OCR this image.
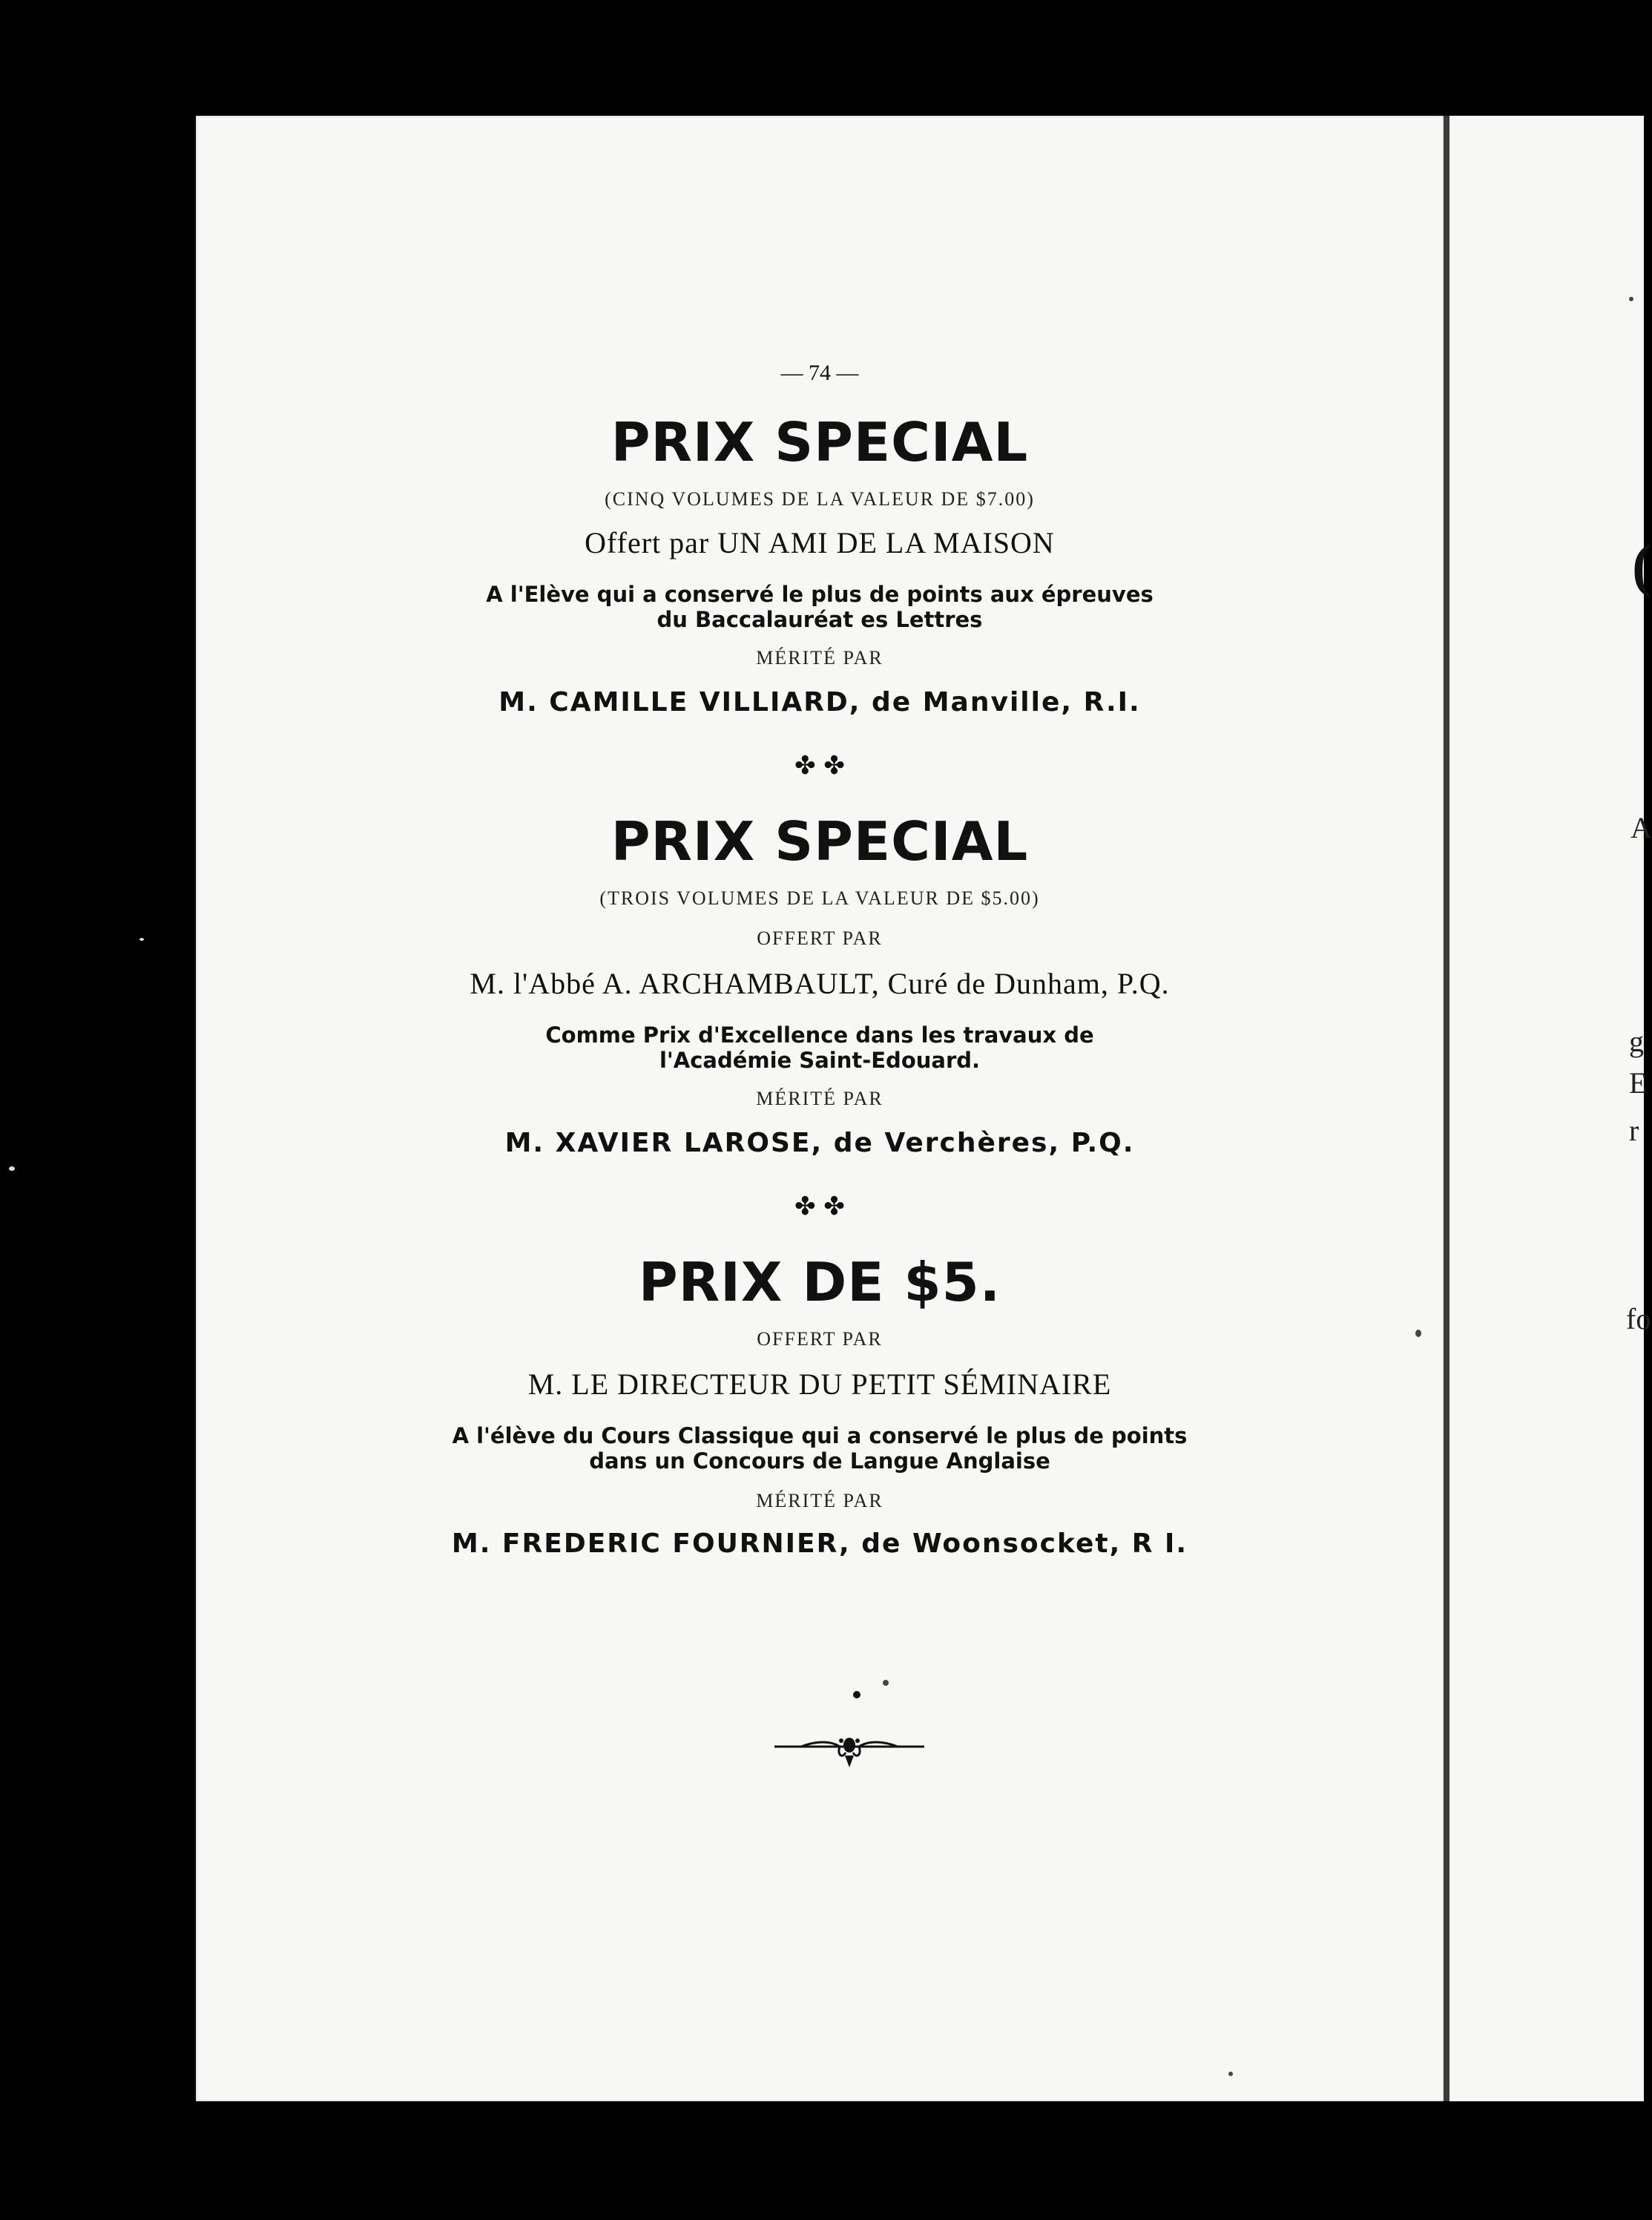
A
g
E
r
fo
(
— 74 —
PRIX SPECIAL
(CINQ VOLUMES DE LA VALEUR DE $7.00)
Offert par UN AMI DE LA MAISON
A l'Elève qui a conservé le plus de points aux épreuves
du Baccalauréat es Lettres
MÉRITÉ PAR
M. CAMILLE VILLIARD, de Manville, R.I.
✤ ✤
PRIX SPECIAL
(TROIS VOLUMES DE LA VALEUR DE $5.00)
OFFERT PAR
M. l'Abbé A. ARCHAMBAULT, Curé de Dunham, P.Q.
Comme Prix d'Excellence dans les travaux de
l'Académie Saint-Edouard.
MÉRITÉ PAR
M. XAVIER LAROSE, de Verchères, P.Q.
✤ ✤
PRIX DE $5.
OFFERT PAR
M. LE DIRECTEUR DU PETIT SÉMINAIRE
A l'élève du Cours Classique qui a conservé le plus de points
dans un Concours de Langue Anglaise
MÉRITÉ PAR
M. FREDERIC FOURNIER, de Woonsocket, R I.
